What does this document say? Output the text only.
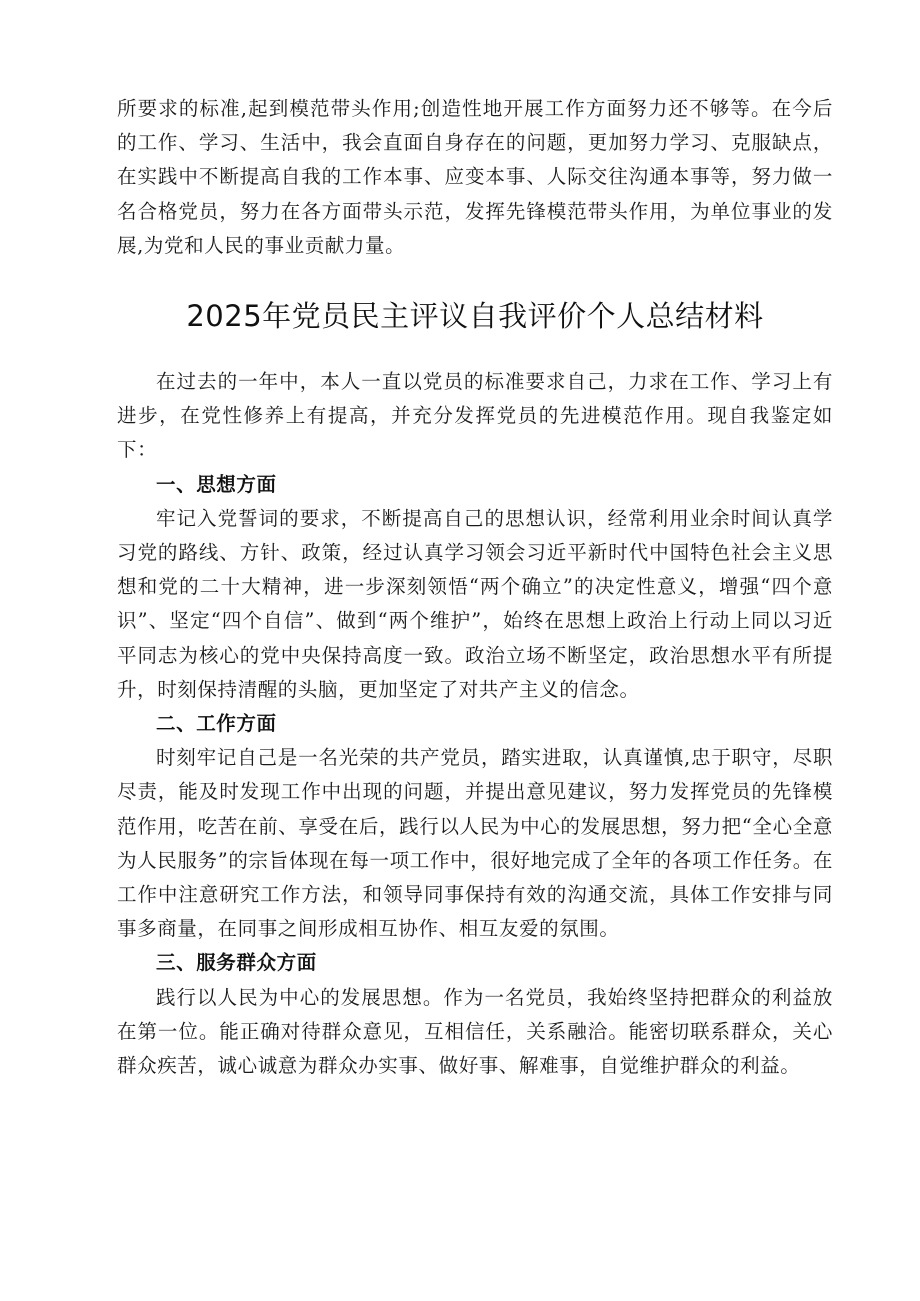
所要求的标准,起到模范带头作用;创造性地开展工作方面努力还不够等。在今后的工作、学习、生活中，我会直面自身存在的问题，更加努力学习、克服缺点，在实践中不断提高自我的工作本事、应变本事、人际交往沟通本事等，努力做一名合格党员，努力在各方面带头示范，发挥先锋模范带头作用，为单位事业的发展,为党和人民的事业贡献力量。

2025年党员民主评议自我评价个人总结材料

在过去的一年中，本人一直以党员的标准要求自己，力求在工作、学习上有进步，在党性修养上有提高，并充分发挥党员的先进模范作用。现自我鉴定如下：

一、思想方面

牢记入党誓词的要求，不断提高自己的思想认识，经常利用业余时间认真学习党的路线、方针、政策，经过认真学习领会习近平新时代中国特色社会主义思想和党的二十大精神，进一步深刻领悟“两个确立”的决定性意义，增强“四个意识”、坚定“四个自信”、做到“两个维护”，始终在思想上政治上行动上同以习近平同志为核心的党中央保持高度一致。政治立场不断坚定，政治思想水平有所提升，时刻保持清醒的头脑，更加坚定了对共产主义的信念。

二、工作方面

时刻牢记自己是一名光荣的共产党员，踏实进取，认真谨慎,忠于职守，尽职尽责，能及时发现工作中出现的问题，并提出意见建议，努力发挥党员的先锋模范作用，吃苦在前、享受在后，践行以人民为中心的发展思想，努力把“全心全意为人民服务”的宗旨体现在每一项工作中，很好地完成了全年的各项工作任务。在工作中注意研究工作方法，和领导同事保持有效的沟通交流，具体工作安排与同事多商量，在同事之间形成相互协作、相互友爱的氛围。

三、服务群众方面

践行以人民为中心的发展思想。作为一名党员，我始终坚持把群众的利益放在第一位。能正确对待群众意见，互相信任，关系融洽。能密切联系群众，关心群众疾苦，诚心诚意为群众办实事、做好事、解难事，自觉维护群众的利益。
